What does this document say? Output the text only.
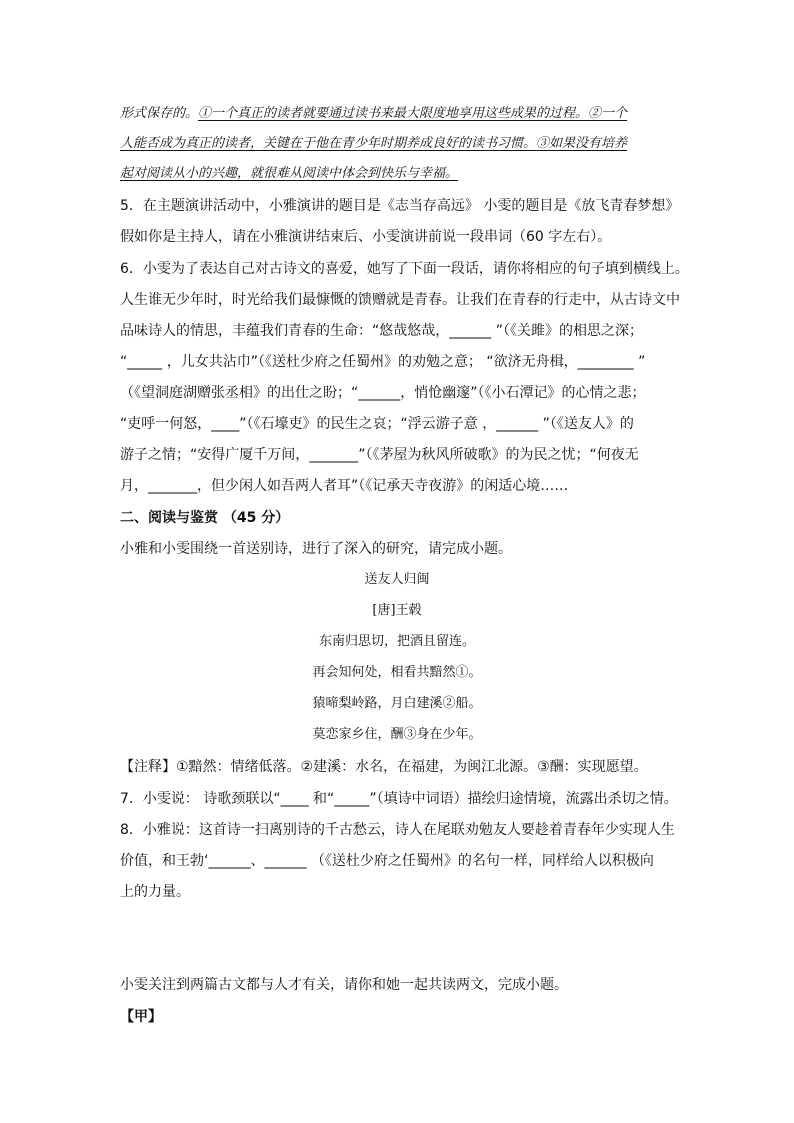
形式保存的。①一个真正的读者就要通过读书来最大限度地享用这些成果的过程。②一个
人能否成为真正的读者，关键在于他在青少年时期养成良好的读书习惯。③如果没有培养
起对阅读从小的兴趣，就很难从阅读中体会到快乐与幸福。
5．在主题演讲活动中，小雅演讲的题目是《志当存高远》 小雯的题目是《放飞青春梦想》
假如你是主持人，请在小雅演讲结束后、小雯演讲前说一段串词（60 字左右）。
6．小雯为了表达自己对古诗文的喜爱，她写了下面一段话，请你将相应的句子填到横线上。
人生谁无少年时，时光给我们最慷慨的馈赠就是青春。让我们在青春的行走中，从古诗文中
品味诗人的情思，丰蕴我们青春的生命：“悠哉悠哉，______ ”（《关雎》的相思之深；
“_____ ，儿女共沾巾”（《送杜少府之任蜀州》的劝勉之意； “欲济无舟楫，________ ”
（《望洞庭湖赠张丞相》的出仕之盼；“______，悄怆幽邃”（《小石潭记》的心情之悲；
“吏呼一何怒，____”（《石壕吏》的民生之哀；“浮云游子意 ，______ ”（《送友人》的
游子之情；“安得广厦千万间，_______”（《茅屋为秋风所破歌》的为民之忧；“何夜无
月，_______，但少闲人如吾两人者耳”（《记承天寺夜游》的闲适心境……
二、阅读与鉴赏 （45 分）
小雅和小雯围绕一首送别诗，进行了深入的研究，请完成小题。
送友人归闽
[唐]王毂
东南归思切，把酒且留连。
再会知何处，相看共黯然①。
猿啼梨岭路，月白建溪②船。
莫恋家乡住，酬③身在少年。
【注释】①黯然：情绪低落。②建溪：水名，在福建，为闽江北源。③酬：实现愿望。
7．小雯说： 诗歌颈联以“____ 和“_____”（填诗中词语）描绘归途情境，流露出杀切之情。
8．小雅说：这首诗一扫离别诗的千古愁云，诗人在尾联劝勉友人要趁着青春年少实现人生
价值，和王勃‘______、______ （《送杜少府之任蜀州》的名句一样，同样给人以积极向
上的力量。
小雯关注到两篇古文都与人才有关，请你和她一起共读两文，完成小题。
【甲】
